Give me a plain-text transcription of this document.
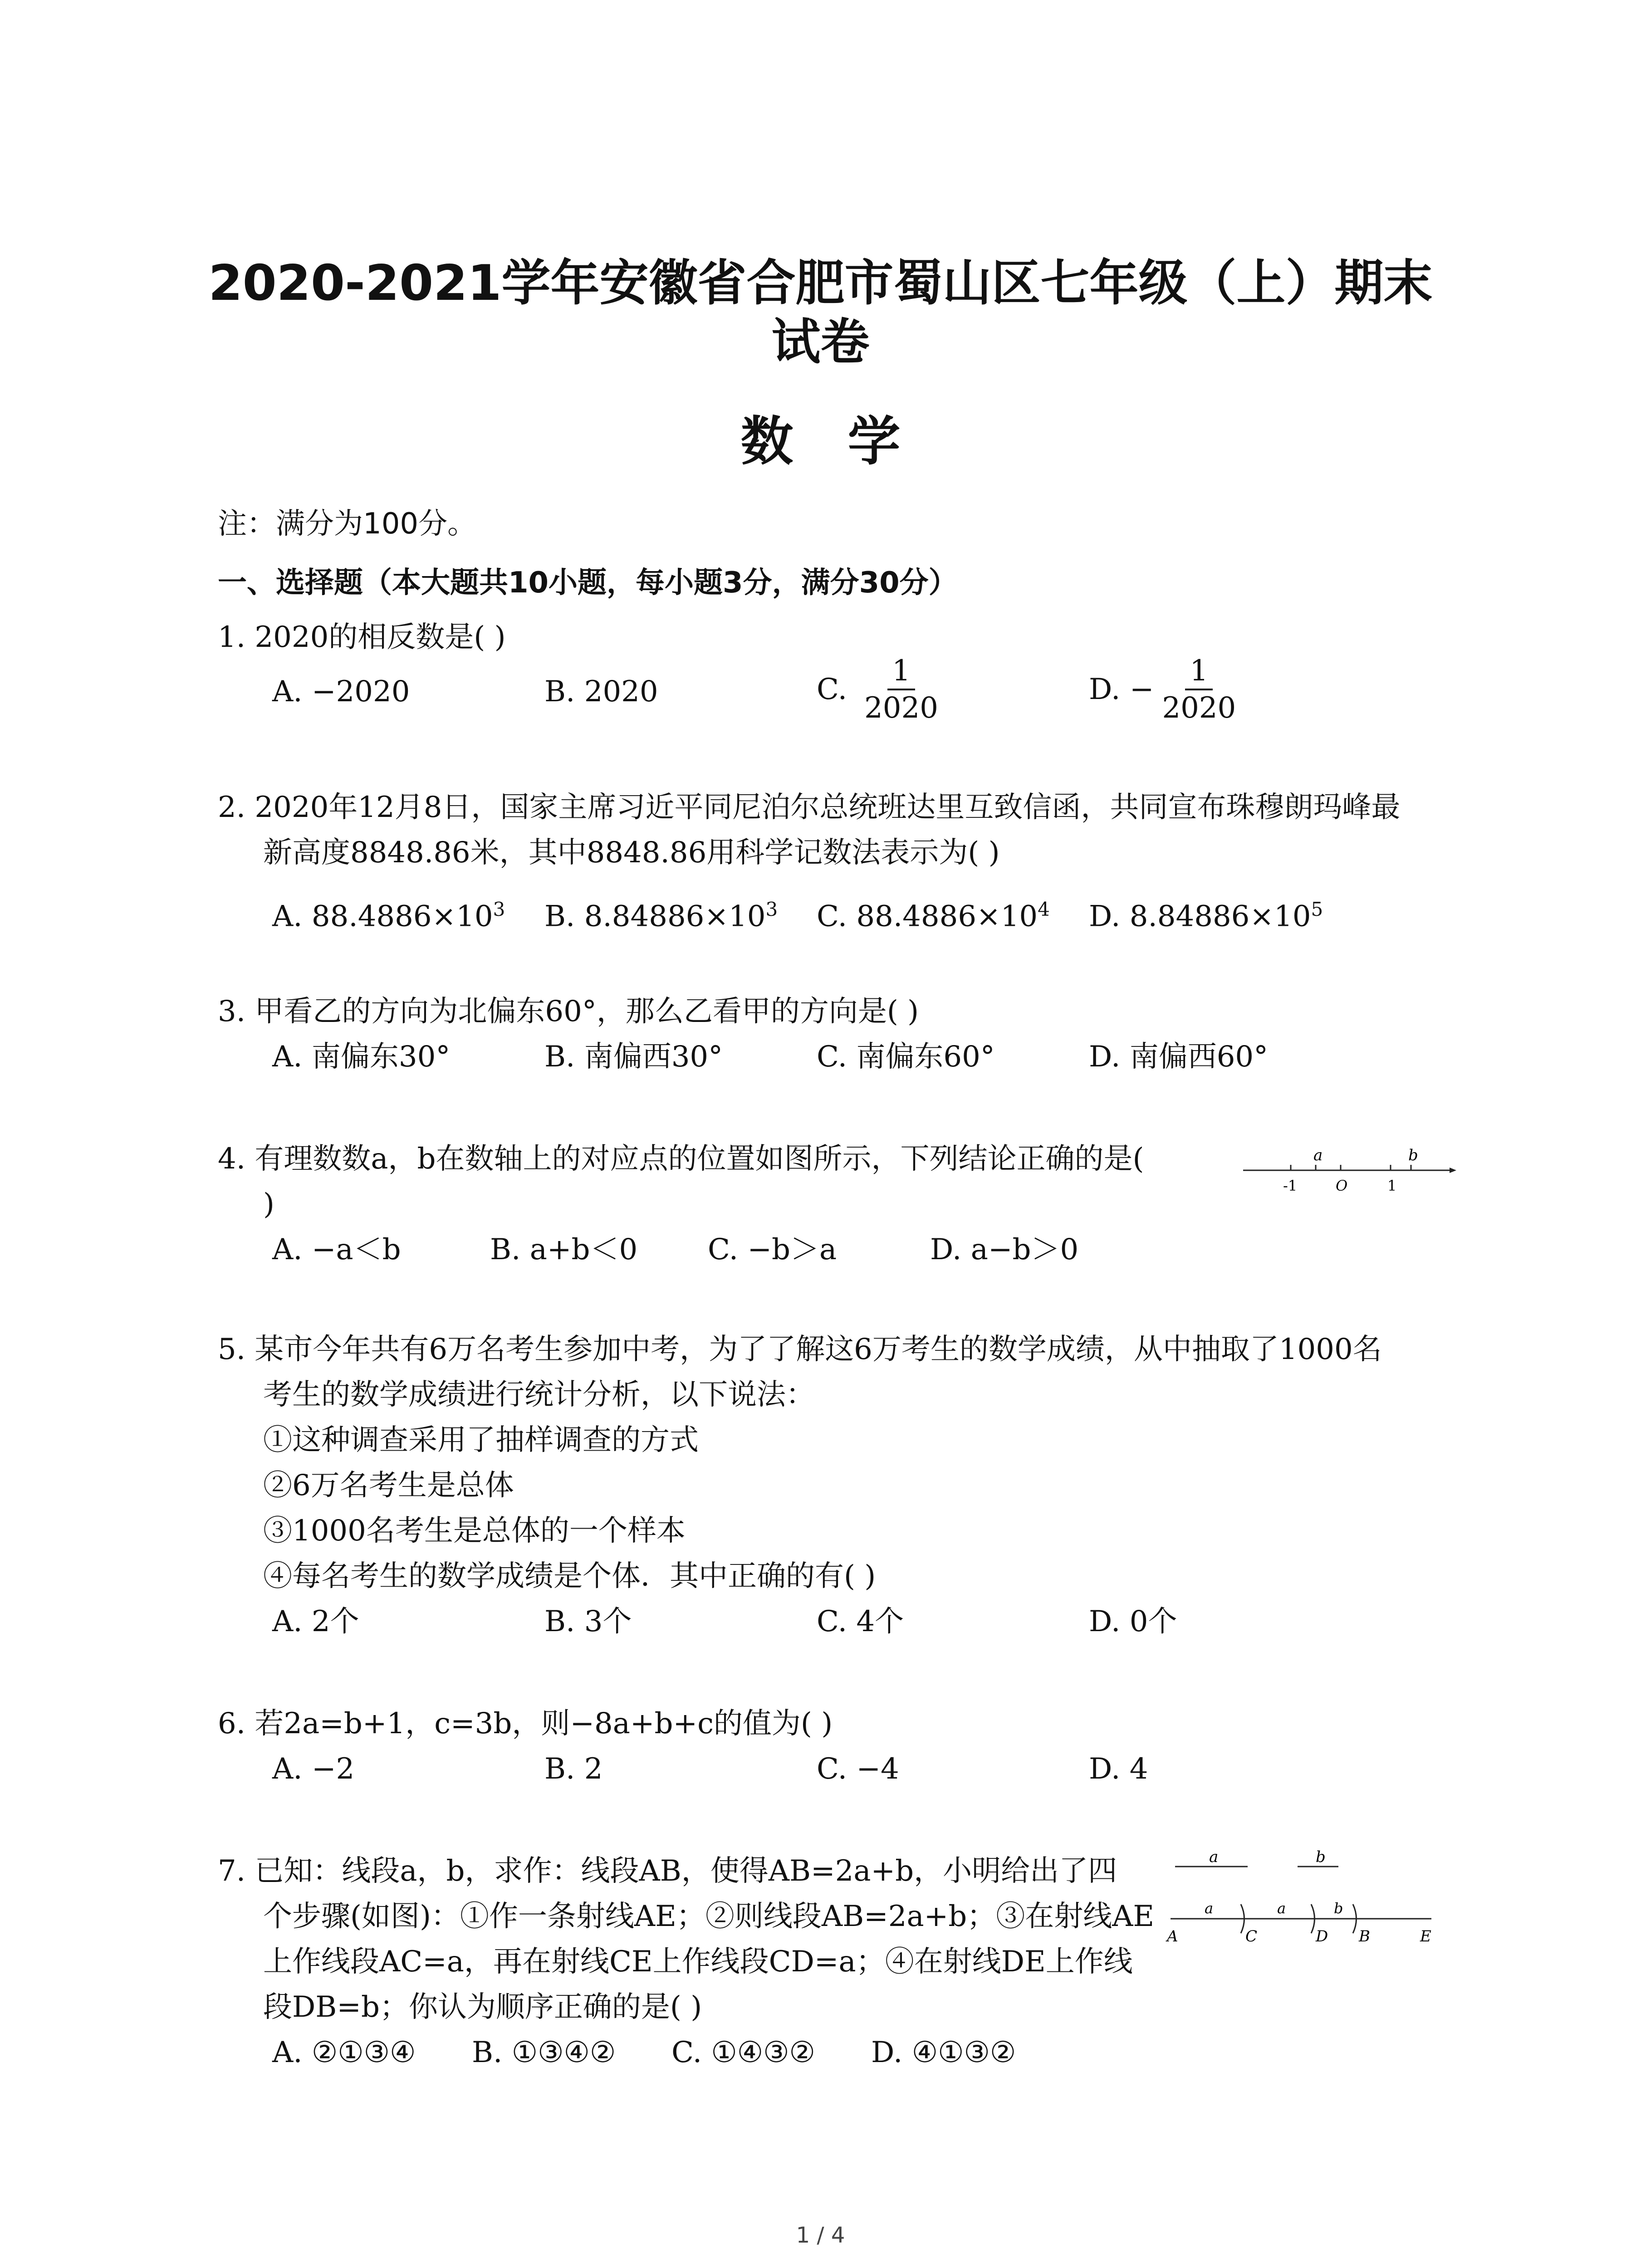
2020-2021学年安徽省合肥市蜀山区七年级（上）期末
试卷
数学
注：满分为100分。
一、选择题（本大题共10小题，每小题3分，满分30分）
1. 2020的相反数是( )
A. −2020	B. 2020	C. $\frac{1}{2020}$	D. − $\frac{1}{2020}$
2. 2020年12月8日，国家主席习近平同尼泊尔总统班达里互致信函，共同宣布珠穆朗玛峰最
新高度8848.86米，其中8848.86用科学记数法表示为( )
A. $88.4886\times 10^3$ B. $8.84886\times 10^3$ C. $88.4886\times 10^4$ D. $8.84886\times 10^5$
3. 甲看乙的方向为北偏东60°，那么乙看甲的方向是( )
A. 南偏东30°	B. 南偏西30°	C. 南偏东60°	D. 南偏西60°
4. 有理数数a，b在数轴上的对应点的位置如图所示，下列结论正确的是(
)
A. −a＜b	B. a+b＜0 C. −b＞a	D. a−b＞0
a	b
-1	O	1
5. 某市今年共有6万名考生参加中考，为了了解这6万考生的数学成绩，从中抽取了1000名
考生的数学成绩进行统计分析，以下说法：
①这种调查采用了抽样调查的方式
②6万名考生是总体
③1000名考生是总体的一个样本
④每名考生的数学成绩是个体．其中正确的有( )
A. 2个	B. 3个	C. 4个	D. 0个
6. 若2a=b+1，c=3b，则−8a+b+c的值为( )
A. −2	B. 2	C. −4	D. 4
7. 已知：线段a，b，求作：线段AB，使得AB=2a+b，小明给出了四
个步骤(如图)：①作一条射线AE；②则线段AB=2a+b；③在射线AE
上作线段AC=a，再在射线CE上作线段CD=a；④在射线DE上作线
段DB=b；你认为顺序正确的是( )
A. ②①③④ B. ①③④② C. ①④③② D. ④①③②
a	b
a	a	b
A	C	D B	E
1 / 4
